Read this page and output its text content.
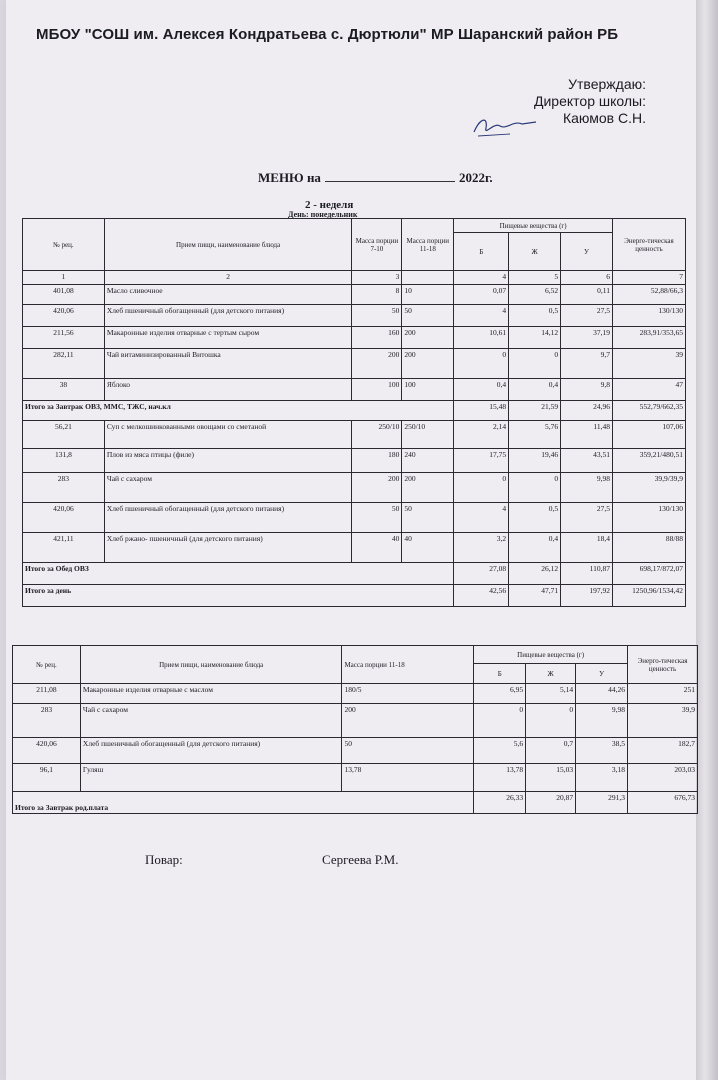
МБОУ "СОШ им. Алексея Кондратьева с. Дюртюли" МР Шаранский район РБ
Утверждаю:
Директор школы:
Каюмов С.Н.
МЕНЮ на	2022г.
2 - неделя
День: понедельник
№ рец.	Прием пищи, наименование блюда	Масса порции 7-10	Масса порции 11-18	Пищевые вещества (г)			Энерге-тическая ценность
				Б	Ж	У	
1	2	3		4	5	6	7
401,08	Масло сливочное	8	10	0,07	6,52	0,11	52,88/66,3
420,06	Хлеб пшеничный обогащенный (для детского питания)	50	50	4	0,5	27,5	130/130
211,56	Макаронные изделия отварные с тертым сыром	160	200	10,61	14,12	37,19	283,91/353,65
282,11	Чай витаминизированный Витошка	200	200	0	0	9,7	39
38	Яблоко	100	100	0,4	0,4	9,8	47
Итого за Завтрак ОВЗ, ММС, ТЖС, нач.кл				15,48	21,59	24,96	552,79/662,35
56,21	Суп с мелкошинкованными овощами со сметаной	250/10	250/10	2,14	5,76	11,48	107,06
131,8	Плов из мяса птицы (филе)	180	240	17,75	19,46	43,51	359,21/480,51
283	Чай с сахаром	200	200	0	0	9,98	39,9/39,9
420,06	Хлеб пшеничный обогащенный (для детского питания)	50	50	4	0,5	27,5	130/130
421,11	Хлеб ржано- пшеничный (для детского питания)	40	40	3,2	0,4	18,4	88/88
Итого за Обед ОВЗ				27,08	26,12	110,87	698,17/872,07
Итого за день				42,56	47,71	197,92	1250,96/1534,42
№ рец.	Прием пищи, наименование блюда	Масса порции 11-18	Пищевые вещества (г)			Энерго-тическая ценность
			Б	Ж	У	
211,08	Макаронные изделия отварные с маслом	180/5	6,95	5,14	44,26	251
283	Чай с сахаром	200	0	0	9,98	39,9
420,06	Хлеб пшеничный обогащенный (для детского питания)	50	5,6	0,7	38,5	182,7
96,1	Гуляш	13,78	13,78	15,03	3,18	203,03
Итого за Завтрак род.плата			26,33	20,87	291,3	676,73
Повар:	Сергеева Р.М.
